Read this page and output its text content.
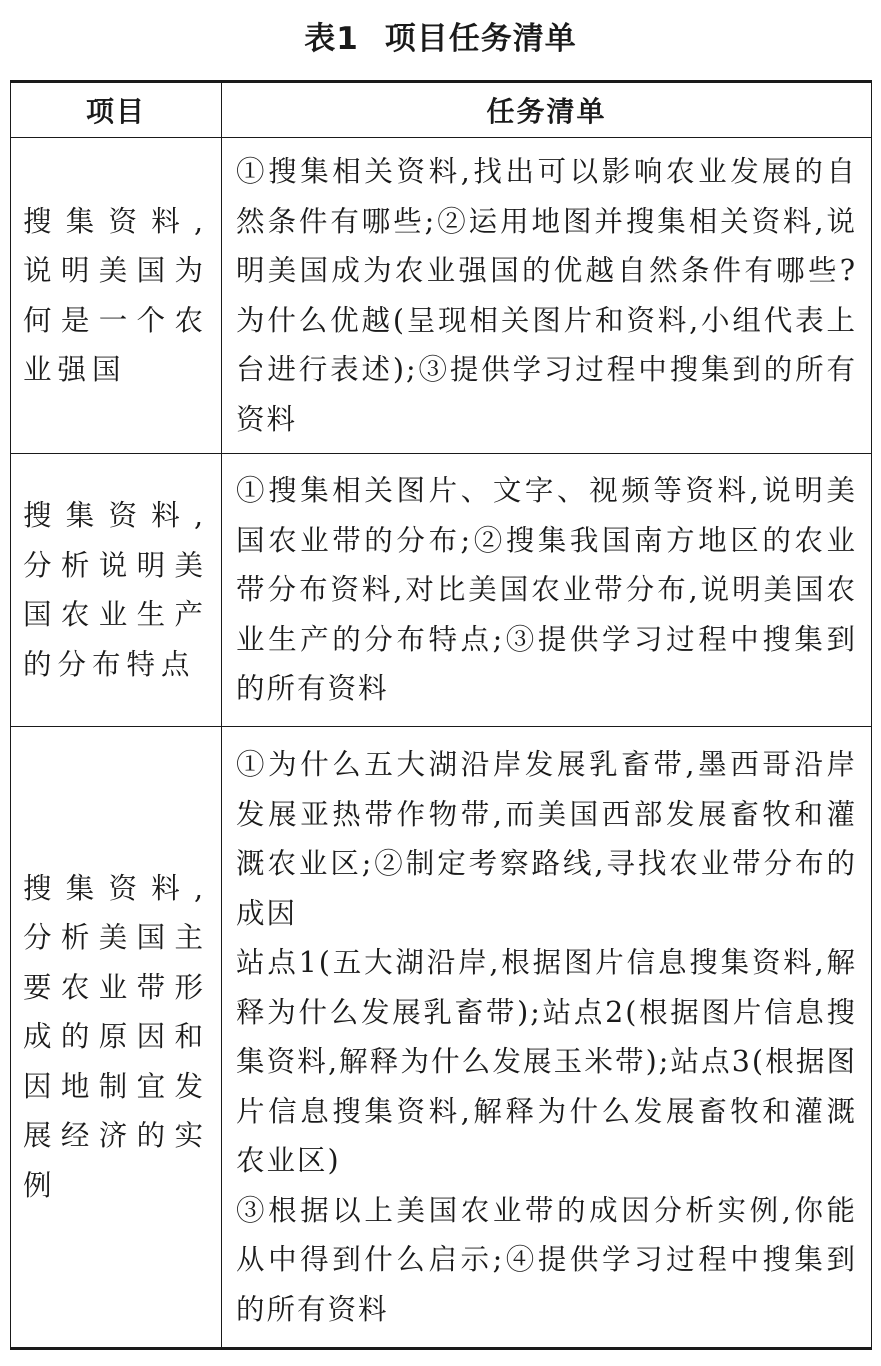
表1 项目任务清单
项目	任务清单
搜集资料,说明美国为何是一个农业强国	①搜集相关资料,找出可以影响农业发展的自然条件有哪些;②运用地图并搜集相关资料,说明美国成为农业强国的优越自然条件有哪些? 为什么优越(呈现相关图片和资料,小组代表上台进行表述);③提供学习过程中搜集到的所有资料
搜集资料,分析说明美国农业生产的分布特点	①搜集相关图片、文字、视频等资料,说明美国农业带的分布;②搜集我国南方地区的农业带分布资料,对比美国农业带分布,说明美国农业生产的分布特点;③提供学习过程中搜集到的所有资料
搜集资料,分析美国主要农业带形成的原因和因地制宜发展经济的实例	①为什么五大湖沿岸发展乳畜带,墨西哥沿岸发展亚热带作物带,而美国西部发展畜牧和灌溉农业区;②制定考察路线,寻找农业带分布的成因
站点1(五大湖沿岸,根据图片信息搜集资料,解释为什么发展乳畜带);站点2(根据图片信息搜集资料,解释为什么发展玉米带);站点3(根据图片信息搜集资料,解释为什么发展畜牧和灌溉农业区)
③根据以上美国农业带的成因分析实例,你能从中得到什么启示;④提供学习过程中搜集到的所有资料
